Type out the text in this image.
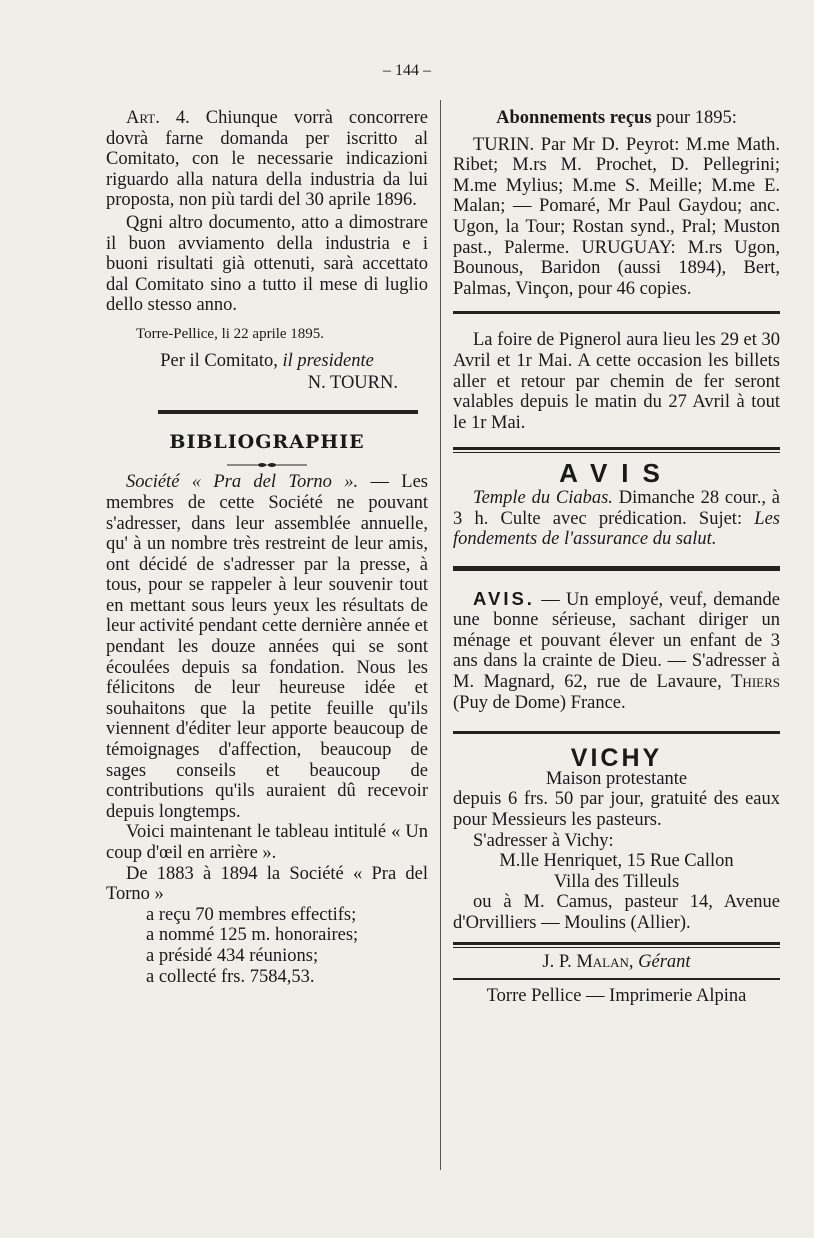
– 144 –

Art. 4. Chiunque vorrà concorrere dovrà farne domanda per iscritto al Comitato, con le necessarie indicazioni riguardo alla natura della industria da lui proposta, non più tardi del 30 aprile 1896.

Qgni altro documento, atto a dimostrare il buon avviamento della industria e i buoni risultati già ottenuti, sarà accettato dal Comitato sino a tutto il mese di luglio dello stesso anno.

Torre-Pellice, li 22 aprile 1895.

Per il Comitato, il presidente

N. TOURN.

BIBLIOGRAPHIE

Société « Pra del Torno ». — Les membres de cette Société ne pouvant s'adresser, dans leur assemblée annuelle, qu' à un nombre très restreint de leur amis, ont décidé de s'adresser par la presse, à tous, pour se rappeler à leur souvenir tout en mettant sous leurs yeux les résultats de leur activité pendant cette dernière année et pendant les douze années qui se sont écoulées depuis sa fondation. Nous les félicitons de leur heureuse idée et souhaitons que la petite feuille qu'ils viennent d'éditer leur apporte beaucoup de témoignages d'affection, beaucoup de sages conseils et beaucoup de contributions qu'ils auraient dû recevoir depuis longtemps.

Voici maintenant le tableau intitulé « Un coup d'œil en arrière ».

De 1883 à 1894 la Société « Pra del Torno »

a reçu 70 membres effectifs;

a nommé 125 m. honoraires;

a présidé 434 réunions;

a collecté frs. 7584,53.

Abonnements reçus pour 1895:

TURIN. Par Mr D. Peyrot: M.me Math. Ribet; M.rs M. Prochet, D. Pellegrini; M.me Mylius; M.me S. Meille; M.me E. Malan; — Pomaré, Mr Paul Gaydou; anc. Ugon, la Tour; Rostan synd., Pral; Muston past., Palerme. URUGUAY: M.rs Ugon, Bounous, Baridon (aussi 1894), Bert, Palmas, Vinçon, pour 46 copies.

La foire de Pignerol aura lieu les 29 et 30 Avril et 1r Mai. A cette occasion les billets aller et retour par chemin de fer seront valables depuis le matin du 27 Avril à tout le 1r Mai.

AVIS

Temple du Ciabas. Dimanche 28 cour., à 3 h. Culte avec prédication. Sujet: Les fondements de l'assurance du salut.

AVIS. — Un employé, veuf, demande une bonne sérieuse, sachant diriger un ménage et pouvant élever un enfant de 3 ans dans la crainte de Dieu. — S'adresser à M. Magnard, 62, rue de Lavaure, Thiers (Puy de Dome) France.

VICHY

Maison protestante

depuis 6 frs. 50 par jour, gratuité des eaux pour Messieurs les pasteurs.

S'adresser à Vichy:

M.lle Henriquet, 15 Rue Callon

Villa des Tilleuls

ou à M. Camus, pasteur 14, Avenue d'Orvilliers — Moulins (Allier).

J. P. Malan, Gérant

Torre Pellice — Imprimerie Alpina
